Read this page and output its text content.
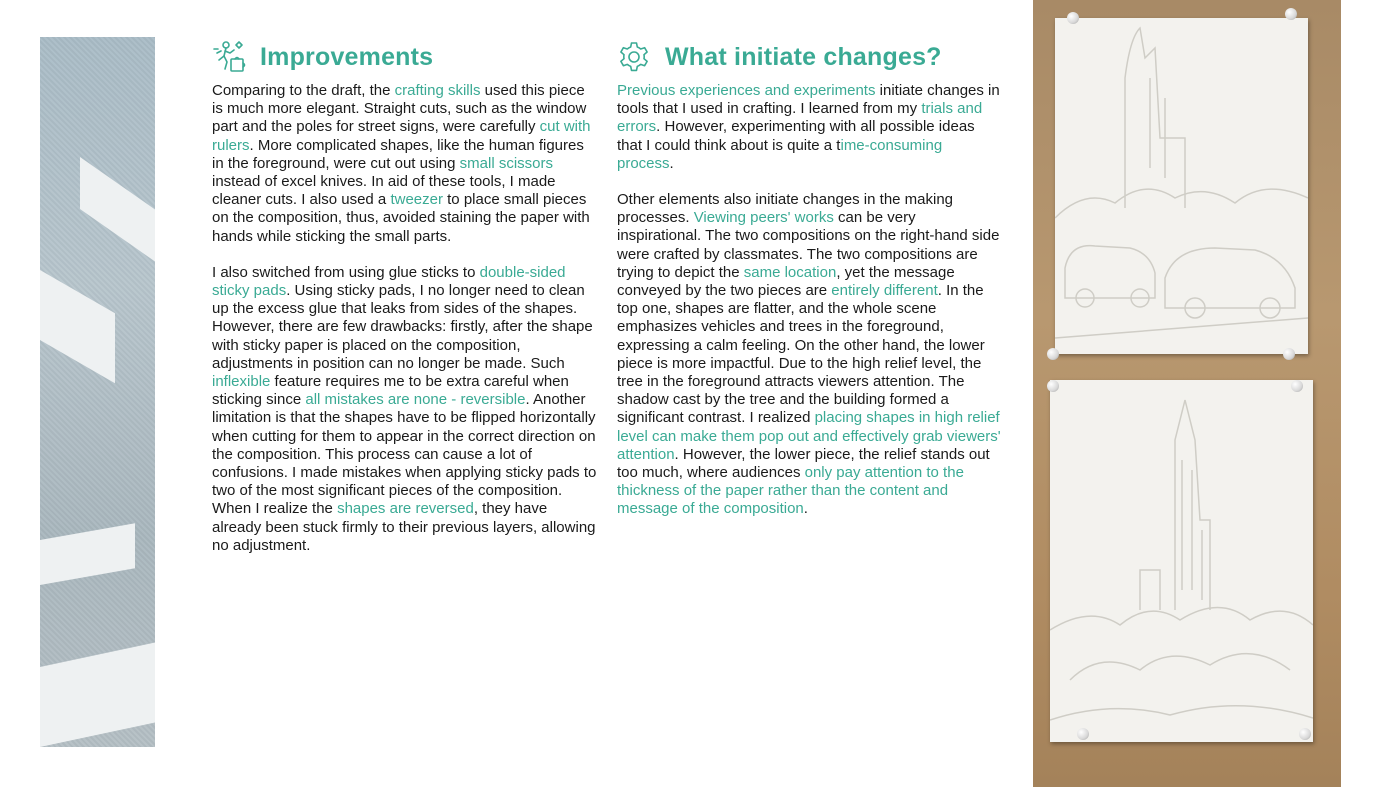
Improvements

Comparing to the draft, the crafting skills used this piece is much more elegant. Straight cuts, such as the window part and the poles for street signs, were carefully cut with rulers. More complicated shapes, like the human figures in the foreground, were cut out using small scissors instead of excel knives. In aid of these tools, I made cleaner cuts. I also used a tweezer to place small pieces on the composition, thus, avoided staining the paper with hands while sticking the small parts.

I also switched from using glue sticks to double-sided sticky pads. Using sticky pads, I no longer need to clean up the excess glue that leaks from sides of the shapes. However, there are few drawbacks: firstly, after the shape with sticky paper is placed on the composition, adjustments in position can no longer be made. Such inflexible feature requires me to be extra careful when sticking since all mistakes are none - reversible. Another limitation is that the shapes have to be flipped horizontally when cutting for them to appear in the correct direction on the composition. This process can cause a lot of confusions. I made mistakes when applying sticky pads to two of the most significant pieces of the composition. When I realize the shapes are reversed, they have already been stuck firmly to their previous layers, allowing no adjustment.

What initiate changes?

Previous experiences and experiments initiate changes in tools that I used in crafting. I learned from my trials and errors. However, experimenting with all possible ideas that I could think about is quite a time-consuming process.

Other elements also initiate changes in the making processes. Viewing peers' works can be very inspirational. The two compositions on the right-hand side were crafted by classmates. The two compositions are trying to depict the same location, yet the message conveyed by the two pieces are entirely different. In the top one, shapes are flatter, and the whole scene emphasizes vehicles and trees in the foreground, expressing a calm feeling. On the other hand, the lower piece is more impactful. Due to the high relief level, the tree in the foreground attracts viewers attention. The shadow cast by the tree and the building formed a significant contrast. I realized placing shapes in high relief level can make them pop out and effectively grab viewers' attention. However, the lower piece, the relief stands out too much, where audiences only pay attention to the thickness of the paper rather than the content and message of the composition.
